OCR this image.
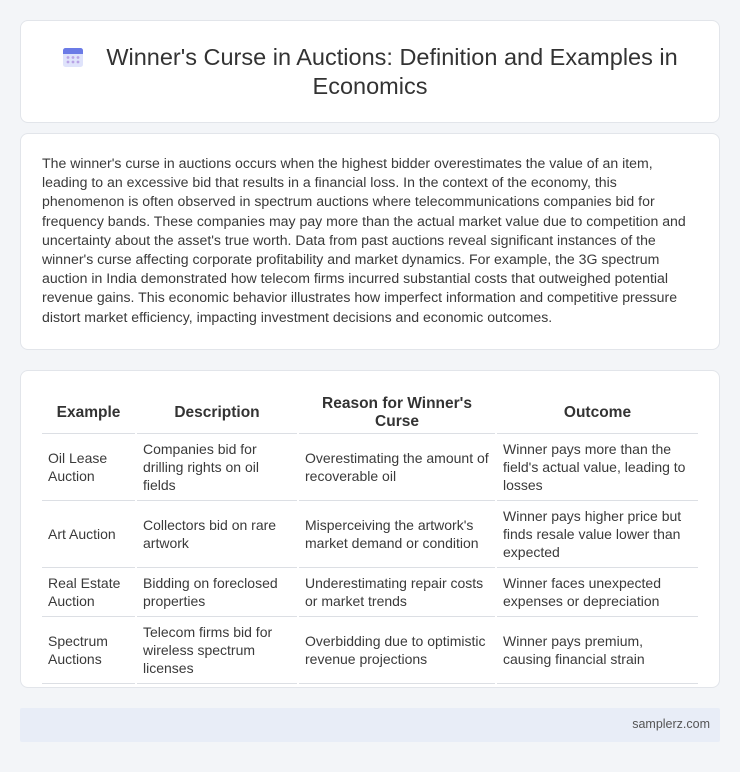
Winner's Curse in Auctions: Definition and Examples in Economics

The winner's curse in auctions occurs when the highest bidder overestimates the value of an item, leading to an excessive bid that results in a financial loss. In the context of the economy, this phenomenon is often observed in spectrum auctions where telecommunications companies bid for frequency bands. These companies may pay more than the actual market value due to competition and uncertainty about the asset's true worth. Data from past auctions reveal significant instances of the winner's curse affecting corporate profitability and market dynamics. For example, the 3G spectrum auction in India demonstrated how telecom firms incurred substantial costs that outweighed potential revenue gains. This economic behavior illustrates how imperfect information and competitive pressure distort market efficiency, impacting investment decisions and economic outcomes.

Example	Description	Reason for Winner's Curse	Outcome
Oil Lease Auction	Companies bid for drilling rights on oil fields	Overestimating the amount of recoverable oil	Winner pays more than the field's actual value, leading to losses
Art Auction	Collectors bid on rare artwork	Misperceiving the artwork's market demand or condition	Winner pays higher price but finds resale value lower than expected
Real Estate Auction	Bidding on foreclosed properties	Underestimating repair costs or market trends	Winner faces unexpected expenses or depreciation
Spectrum Auctions	Telecom firms bid for wireless spectrum licenses	Overbidding due to optimistic revenue projections	Winner pays premium, causing financial strain
samplerz.com
